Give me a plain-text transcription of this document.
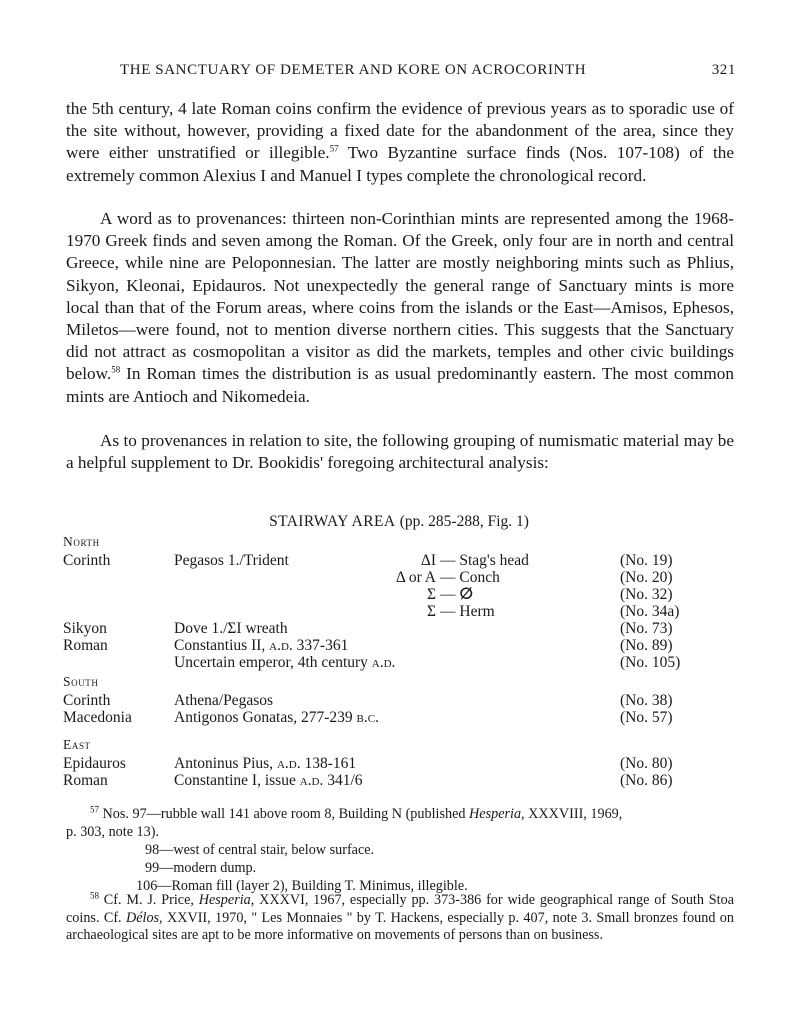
THE SANCTUARY OF DEMETER AND KORE ON ACROCORINTH	321

the 5th century, 4 late Roman coins confirm the evidence of previous years as to sporadic use of the site without, however, providing a fixed date for the abandonment of the area, since they were either unstratified or illegible.$^{57}$ Two Byzantine surface finds (Nos. 107-108) of the extremely common Alexius I and Manuel I types complete the chronological record.

A word as to provenances: thirteen non-Corinthian mints are represented among the 1968-1970 Greek finds and seven among the Roman. Of the Greek, only four are in north and central Greece, while nine are Peloponnesian. The latter are mostly neighboring mints such as Phlius, Sikyon, Kleonai, Epidauros. Not unexpectedly the general range of Sanctuary mints is more local than that of the Forum areas, where coins from the islands or the East—Amisos, Ephesos, Miletos—were found, not to mention diverse northern cities. This suggests that the Sanctuary did not attract as cosmopolitan a visitor as did the markets, temples and other civic buildings below.$^{58}$ In Roman times the distribution is as usual predominantly eastern. The most common mints are Antioch and Nikomedeia.

As to provenances in relation to site, the following grouping of numismatic material may be a helpful supplement to Dr. Bookidis' foregoing architectural analysis:

STAIRWAY AREA (pp. 285-288, Fig. 1)
North
Corinth	Pegasos 1./Trident	ΔI — Stag's head	(No. 19)
Δ or A — Conch	(No. 20)
Σ — ⵁ	(No. 32)
Σ — Herm	(No. 34a)
Sikyon	Dove 1./ΣI wreath	(No. 73)
Roman	Constantius II, a.d. 337-361	(No. 89)
Uncertain emperor, 4th century a.d.	(No. 105)
South
Corinth	Athena/Pegasos	(No. 38)
Macedonia	Antigonos Gonatas, 277-239 b.c.	(No. 57)
East
Epidauros	Antoninus Pius, a.d. 138-161	(No. 80)
Roman	Constantine I, issue a.d. 341/6	(No. 86)
$^{57}$ Nos. 97—rubble wall 141 above room 8, Building N (published Hesperia, XXXVIII, 1969,
p. 303, note 13).
98—west of central stair, below surface.
99—modern dump.
106—Roman fill (layer 2), Building T. Minimus, illegible.
$^{58}$ Cf. M. J. Price, Hesperia, XXXVI, 1967, especially pp. 373-386 for wide geographical range of South Stoa coins. Cf. Délos, XXVII, 1970, " Les Monnaies " by T. Hackens, especially p. 407, note 3. Small bronzes found on archaeological sites are apt to be more informative on movements of persons than on business.
